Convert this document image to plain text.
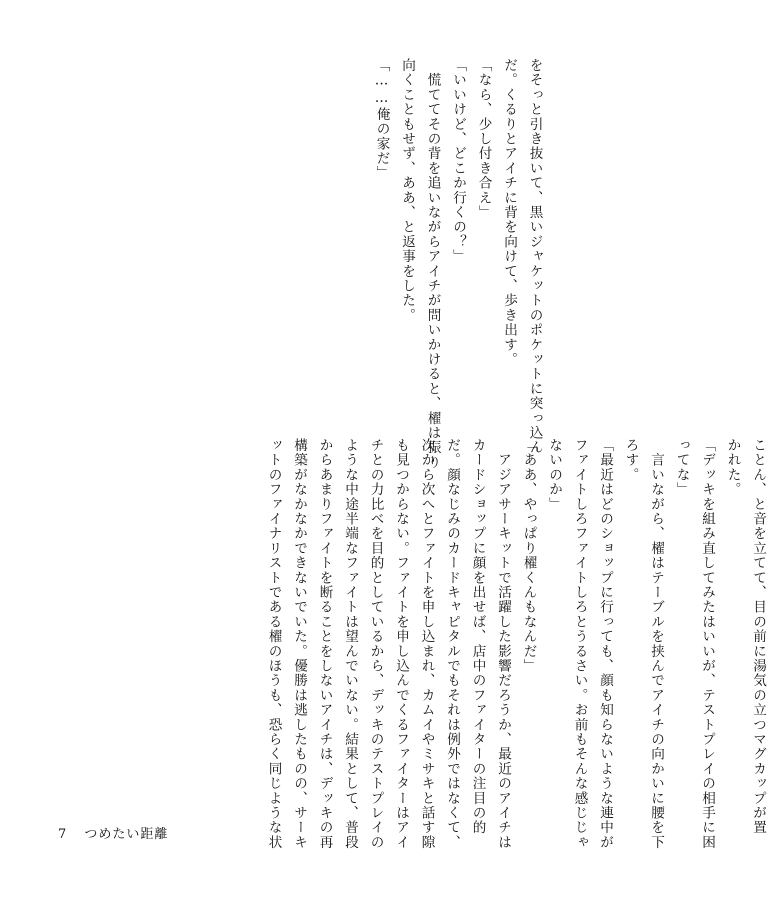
をそっと引き抜いて、黒いジャケットのポケットに突っ込ん
だ。くるりとアイチに背を向けて、歩き出す。
「なら、少し付き合え」
「いいけど、どこか行くの？」
　慌ててその背を追いながらアイチが問いかけると、櫂は振り
向くこともせず、ああ、と返事をした。
「……俺の家だ」
ことん、と音を立てて、目の前に湯気の立つマグカップが置
かれた。
「デッキを組み直してみたはいいが、テストプレイの相手に困
ってな」
　言いながら、櫂はテーブルを挟んでアイチの向かいに腰を下
ろす。
「最近はどのショップに行っても、顔も知らないような連中が
ファイトしろファイトしろとうるさい。お前もそんな感じじゃ
ないのか」
「ああ、やっぱり櫂くんもなんだ」
　アジアサーキットで活躍した影響だろうか、最近のアイチは
カードショップに顔を出せば、店中のファイターの注目の的
だ。顔なじみのカードキャピタルでもそれは例外ではなくて、
次から次へとファイトを申し込まれ、カムイやミサキと話す隙
も見つからない。ファイトを申し込んでくるファイターはアイ
チとの力比べを目的としているから、デッキのテストプレイの
ような中途半端なファイトは望んでいない。結果として、普段
からあまりファイトを断ることをしないアイチは、デッキの再
構築がなかなかできないでいた。優勝は逃したものの、サーキ
ットのファイナリストである櫂のほうも、恐らく同じような状
7 つめたい距離
